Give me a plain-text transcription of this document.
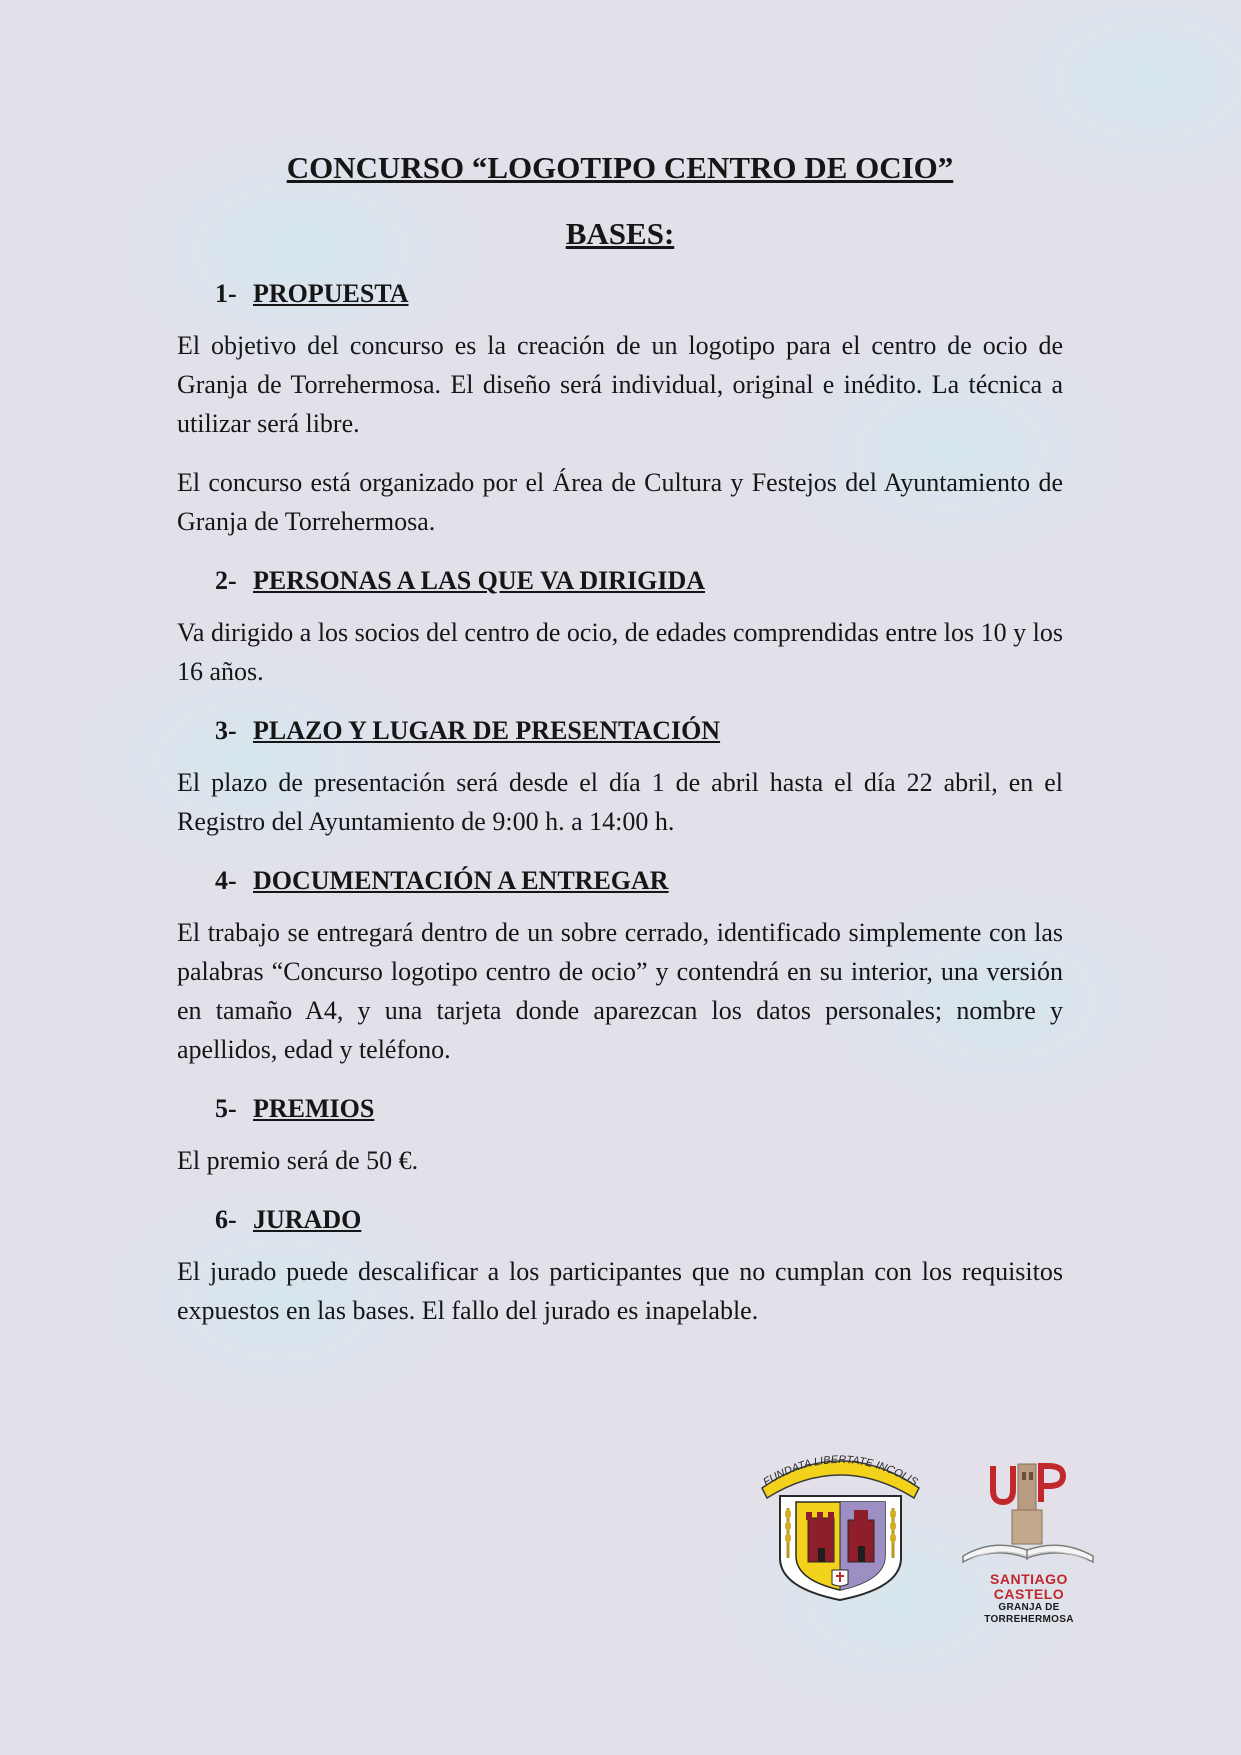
CONCURSO “LOGOTIPO CENTRO DE OCIO”
BASES:
1- PROPUESTA

El objetivo del concurso es la creación de un logotipo para el centro de ocio de Granja de Torrehermosa. El diseño será individual, original e inédito. La técnica a utilizar será libre.

El concurso está organizado por el Área de Cultura y Festejos del Ayuntamiento de Granja de Torrehermosa.

2- PERSONAS A LAS QUE VA DIRIGIDA

Va dirigido a los socios del centro de ocio, de edades comprendidas entre los 10 y los 16 años.

3- PLAZO Y LUGAR DE PRESENTACIÓN

El plazo de presentación será desde el día 1 de abril hasta el día 22 abril, en el Registro del Ayuntamiento de 9:00 h. a 14:00 h.

4- DOCUMENTACIÓN A ENTREGAR

El trabajo se entregará dentro de un sobre cerrado, identificado simplemente con las palabras “Concurso logotipo centro de ocio” y contendrá en su interior, una versión en tamaño A4, y una tarjeta donde aparezcan los datos personales; nombre y apellidos, edad y teléfono.

5- PREMIOS

El premio será de 50 €.

6- JURADO

El jurado puede descalificar a los participantes que no cumplan con los requisitos expuestos en las bases. El fallo del jurado es inapelable.

FUNDATA LIBERTATE INCOLIS
SANTIAGO CASTELO
GRANJA DE TORREHERMOSA
